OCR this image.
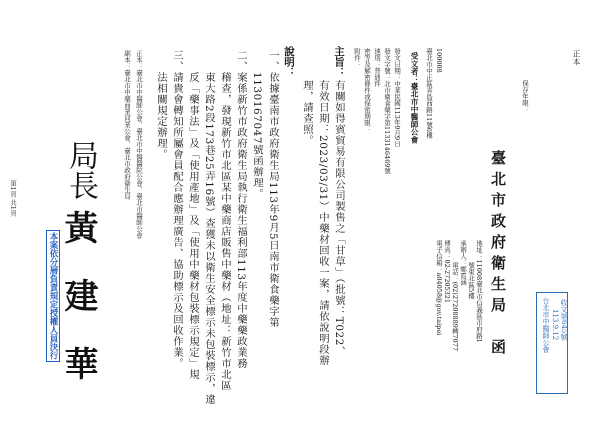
正本
保存年限：
台北市中醫師公會 113.9.12 收文第645號
臺北市政府衛生局　函
地址：11008臺北市信義區市府路1
號東北區5樓
承辦人：鄭霓涵
電話：(02)27208889轉7077
傳真：02-27205321
電子信箱：a04058@gov.taipei
100008
臺北市中正區青島西路11號6樓
受文者：臺北市中醫師公會
發文日期：中華民國113年9月9日
發文字號：北市衛食藥字第1133146469號
速別：普通件
密等及解密條件或保密期限：
附件：
主旨：
有關如得賓貿易有限公司製售之「甘草」（批號：T022、
有效日期：2023/03/31）中藥材回收一案，請依說明段辦
理，請查照。
說明：
一、依據臺南市政府衛生局113年9月5日南市衛食藥字第
　　1130167047號函辦理。
二、案係新竹市政府衛生局執行衛生福利部113年度中藥藥政業務
　　稽查，發現新竹市北區某中藥商店販售中藥材（地址：新竹市北區
　　東大路2段173巷25弄16號）查獲未以衛生安全標示未包裝標示，違
　　反「藥事法」及「使用產地」及「使用中藥材包裝標示規定」規
三、請貴會轉知所屬會員配合應辦理廣告、協助標示及回收作業。
　　法相關規定辦理。
正本：臺北市中醫師公會、臺北市中醫醫院公會、臺北市醫師公會
副本：臺北市中藥商業同業公會、臺北市政府衛生局
局長
黃　建　華
本案依分層負責規定授權人員決行
第1頁 共1頁
